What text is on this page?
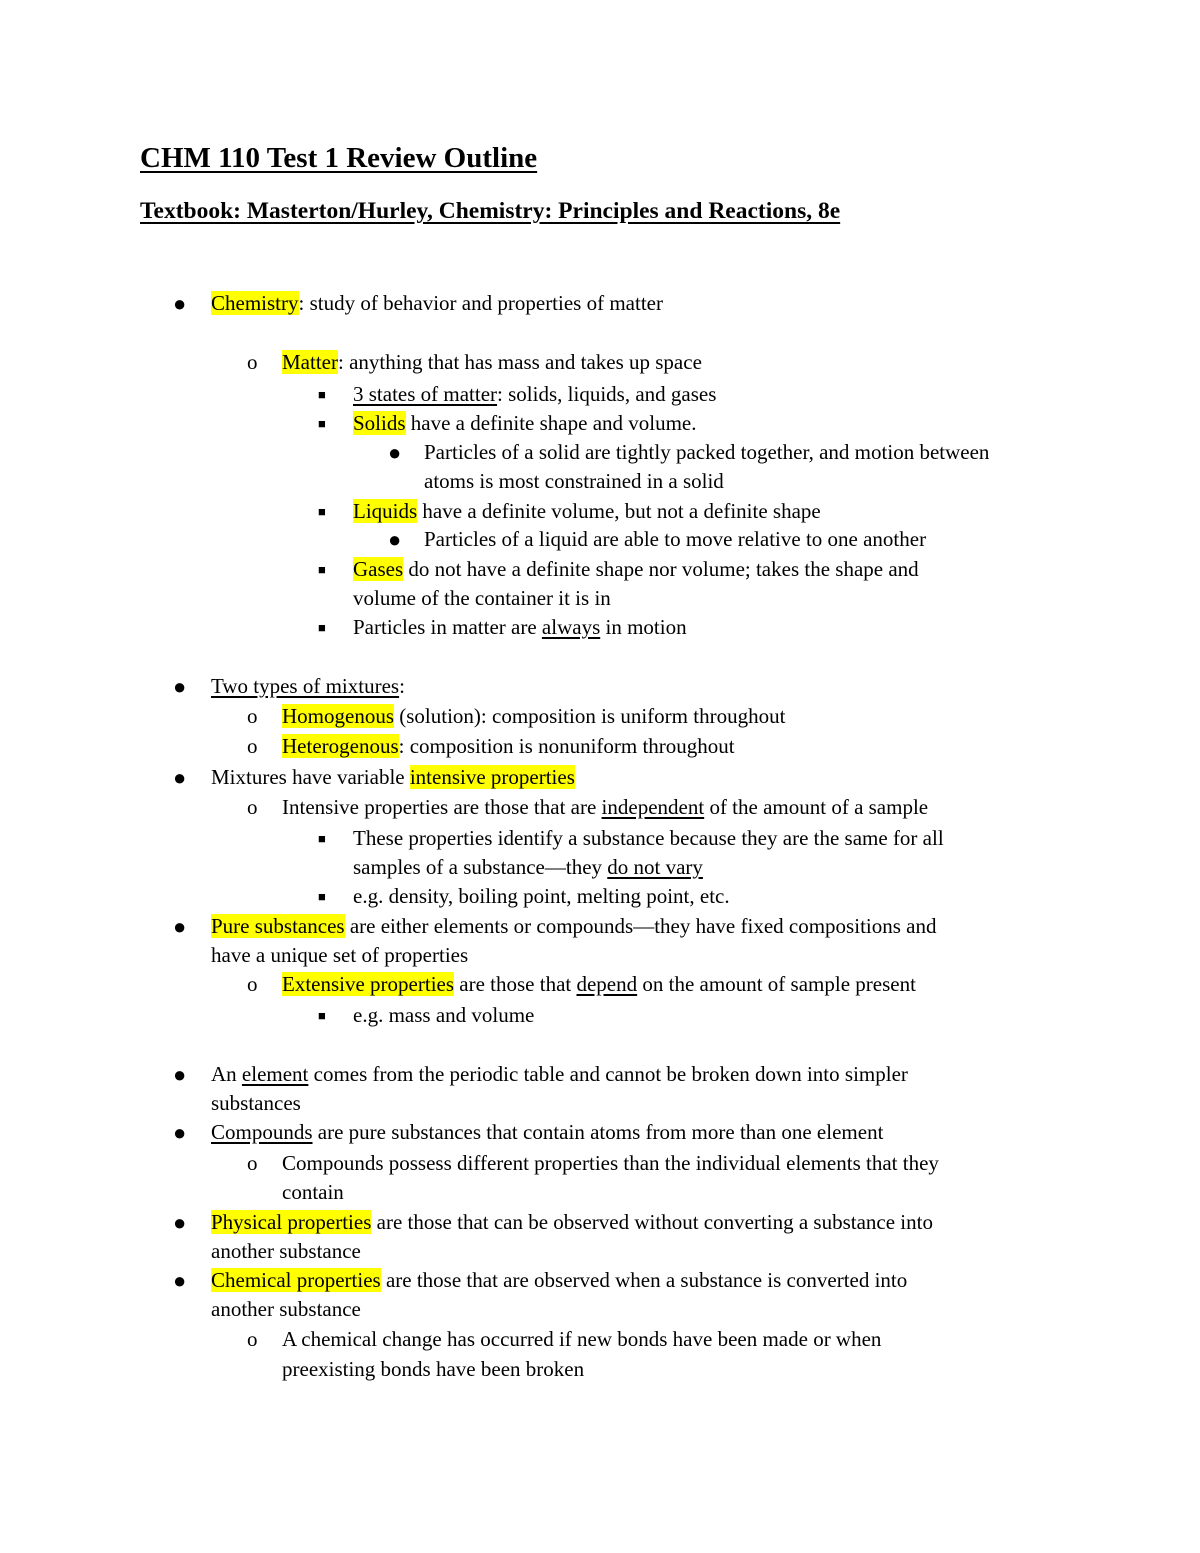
CHM 110 Test 1 Review Outline
Textbook: Masterton/Hurley, Chemistry: Principles and Reactions, 8e
● Chemistry: study of behavior and properties of matter
o Matter: anything that has mass and takes up space
■ 3 states of matter: solids, liquids, and gases
■ Solids have a definite shape and volume.
● Particles of a solid are tightly packed together, and motion between
atoms is most constrained in a solid
■ Liquids have a definite volume, but not a definite shape
● Particles of a liquid are able to move relative to one another
■ Gases do not have a definite shape nor volume; takes the shape and
volume of the container it is in
■ Particles in matter are always in motion
● Two types of mixtures:
o Homogenous (solution): composition is uniform throughout
o Heterogenous: composition is nonuniform throughout
● Mixtures have variable intensive properties
o Intensive properties are those that are independent of the amount of a sample
■ These properties identify a substance because they are the same for all
samples of a substance—they do not vary
■ e.g. density, boiling point, melting point, etc.
● Pure substances are either elements or compounds—they have fixed compositions and
have a unique set of properties
o Extensive properties are those that depend on the amount of sample present
■ e.g. mass and volume
● An element comes from the periodic table and cannot be broken down into simpler
substances
● Compounds are pure substances that contain atoms from more than one element
o Compounds possess different properties than the individual elements that they
contain
● Physical properties are those that can be observed without converting a substance into
another substance
● Chemical properties are those that are observed when a substance is converted into
another substance
o A chemical change has occurred if new bonds have been made or when
preexisting bonds have been broken
